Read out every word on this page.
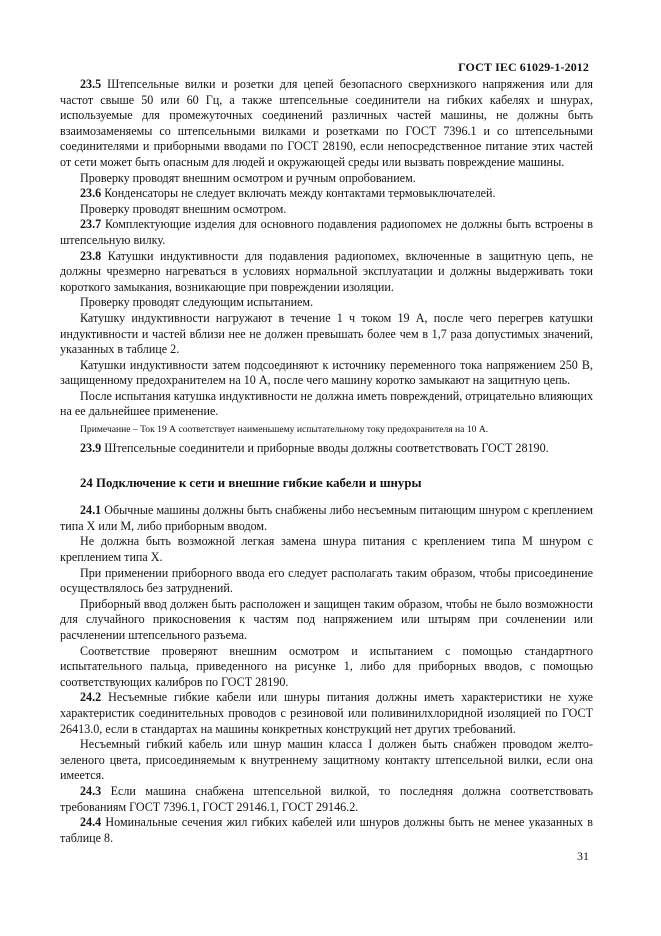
ГОСТ IEC 61029-1-2012

23.5 Штепсельные вилки и розетки для цепей безопасного сверхнизкого напряжения или для частот свыше 50 или 60 Гц, а также штепсельные соединители на гибких кабелях и шнурах, используемые для промежуточных соединений различных частей машины, не должны быть взаимозаменяемы со штепсельными вилками и розетками по ГОСТ 7396.1 и со штепсельными соединителями и приборными вводами по ГОСТ 28190, если непосредственное питание этих частей от сети может быть опасным для людей и окружающей среды или вызвать повреждение машины.

Проверку проводят внешним осмотром и ручным опробованием.

23.6 Конденсаторы не следует включать между контактами термовыключателей.

Проверку проводят внешним осмотром.

23.7 Комплектующие изделия для основного подавления радиопомех не должны быть встроены в штепсельную вилку.

23.8 Катушки индуктивности для подавления радиопомех, включенные в защитную цепь, не должны чрезмерно нагреваться в условиях нормальной эксплуатации и должны выдерживать токи короткого замыкания, возникающие при повреждении изоляции.

Проверку проводят следующим испытанием.

Катушку индуктивности нагружают в течение 1 ч током 19 А, после чего перегрев катушки индуктивности и частей вблизи нее не должен превышать более чем в 1,7 раза допустимых значений, указанных в таблице 2.

Катушки индуктивности затем подсоединяют к источнику переменного тока напряжением 250 В, защищенному предохранителем на 10 А, после чего машину коротко замыкают на защитную цепь.

После испытания катушка индуктивности не должна иметь повреждений, отрицательно влияющих на ее дальнейшее применение.

Примечание – Ток 19 А соответствует наименьшему испытательному току предохранителя на 10 А.

23.9 Штепсельные соединители и приборные вводы должны соответствовать ГОСТ 28190.

24 Подключение к сети и внешние гибкие кабели и шнуры

24.1 Обычные машины должны быть снабжены либо несъемным питающим шнуром с креплением типа X или M, либо приборным вводом.

Не должна быть возможной легкая замена шнура питания с креплением типа M шнуром с креплением типа X.

При применении приборного ввода его следует располагать таким образом, чтобы присоединение осуществлялось без затруднений.

Приборный ввод должен быть расположен и защищен таким образом, чтобы не было возможности для случайного прикосновения к частям под напряжением или штырям при сочленении или расчленении штепсельного разъема.

Соответствие проверяют внешним осмотром и испытанием с помощью стандартного испытательного пальца, приведенного на рисунке 1, либо для приборных вводов, с помощью соответствующих калибров по ГОСТ 28190.

24.2 Несъемные гибкие кабели или шнуры питания должны иметь характеристики не хуже характеристик соединительных проводов с резиновой или поливинилхлоридной изоляцией по ГОСТ 26413.0, если в стандартах на машины конкретных конструкций нет других требований.

Несъемный гибкий кабель или шнур машин класса I должен быть снабжен проводом желто-зеленого цвета, присоединяемым к внутреннему защитному контакту штепсельной вилки, если она имеется.

24.3 Если машина снабжена штепсельной вилкой, то последняя должна соответствовать требованиям ГОСТ 7396.1, ГОСТ 29146.1, ГОСТ 29146.2.

24.4 Номинальные сечения жил гибких кабелей или шнуров должны быть не менее указанных в таблице 8.

31
